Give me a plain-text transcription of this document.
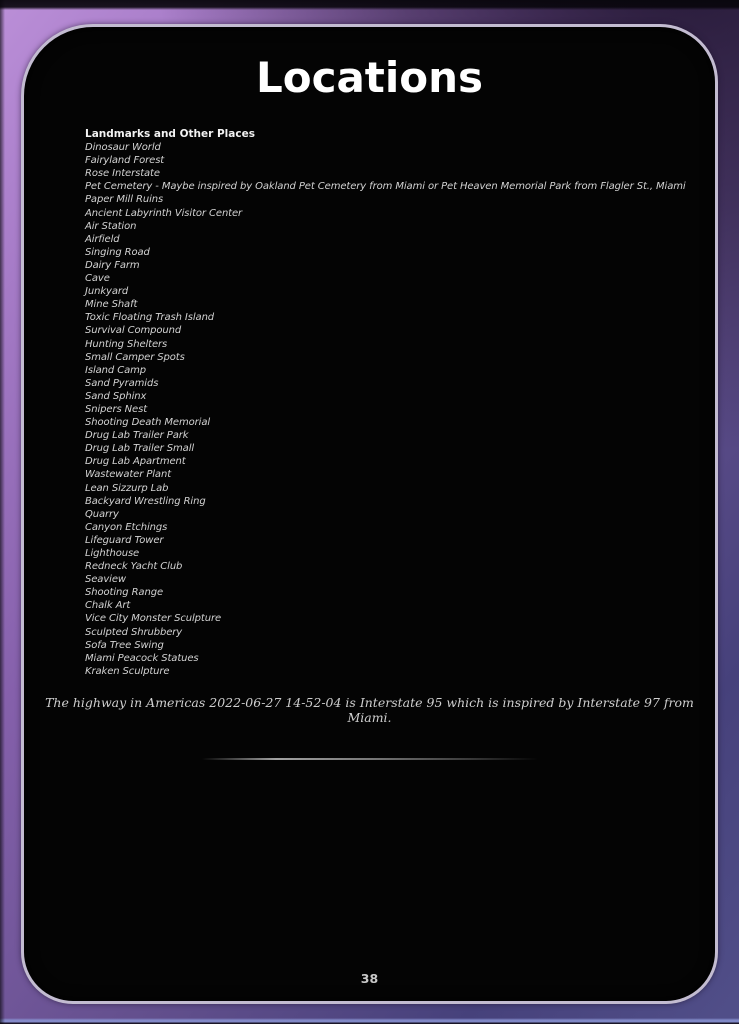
Locations
Landmarks and Other Places
Dinosaur World
Fairyland Forest
Rose Interstate
Pet Cemetery - Maybe inspired by Oakland Pet Cemetery from Miami or Pet Heaven Memorial Park from Flagler St., Miami
Paper Mill Ruins
Ancient Labyrinth Visitor Center
Air Station
Airfield
Singing Road
Dairy Farm
Cave
Junkyard
Mine Shaft
Toxic Floating Trash Island
Survival Compound
Hunting Shelters
Small Camper Spots
Island Camp
Sand Pyramids
Sand Sphinx
Snipers Nest
Shooting Death Memorial
Drug Lab Trailer Park
Drug Lab Trailer Small
Drug Lab Apartment
Wastewater Plant
Lean Sizzurp Lab
Backyard Wrestling Ring
Quarry
Canyon Etchings
Lifeguard Tower
Lighthouse
Redneck Yacht Club
Seaview
Shooting Range
Chalk Art
Vice City Monster Sculpture
Sculpted Shrubbery
Sofa Tree Swing
Miami Peacock Statues
Kraken Sculpture

The highway in Americas 2022-06-27 14-52-04 is Interstate 95 which is inspired by Interstate 97 from Miami.

38
